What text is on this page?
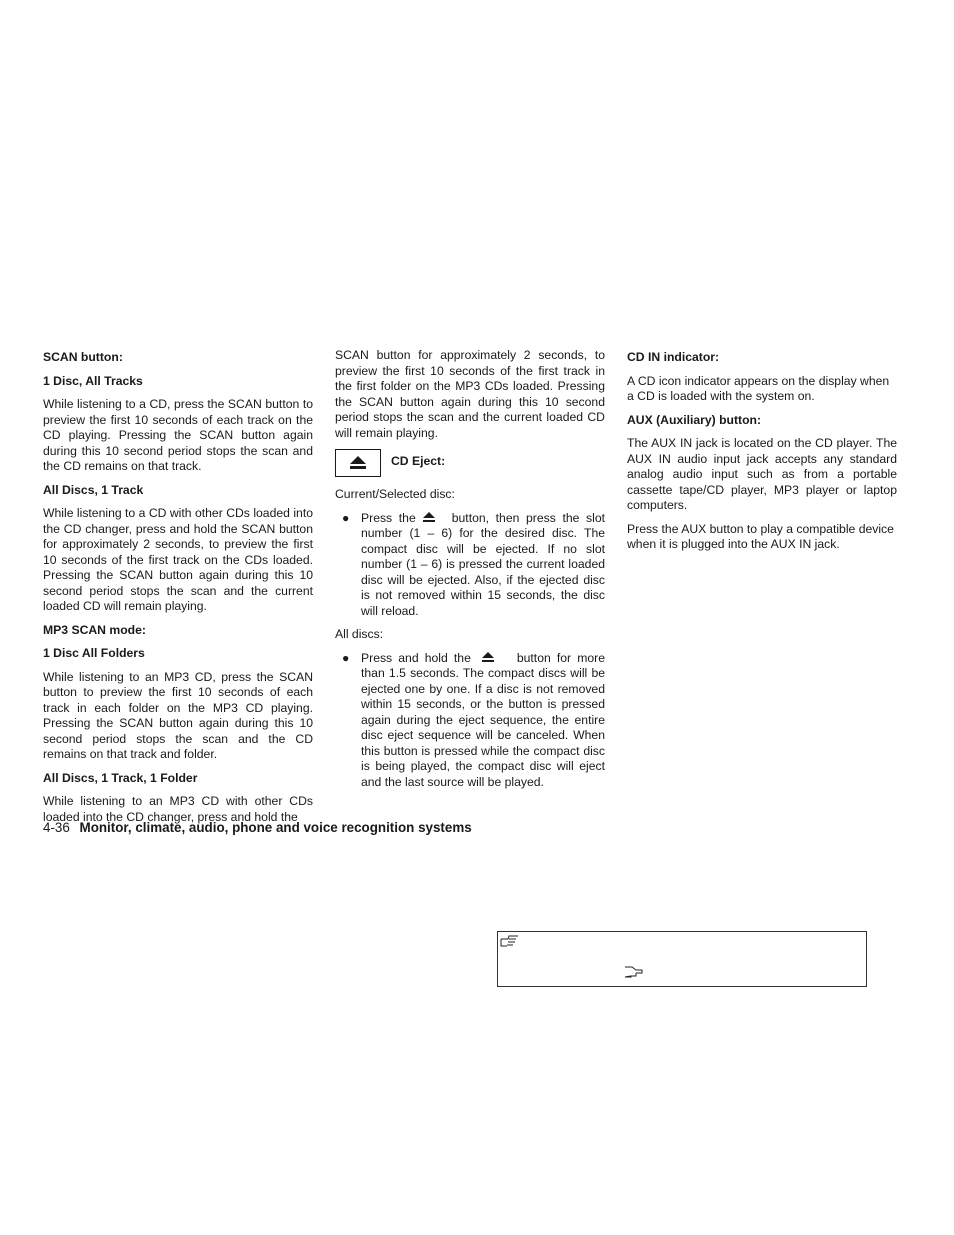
SCAN button:
1 Disc, All Tracks
While listening to a CD, press the SCAN button to preview the first 10 seconds of each track on the CD playing. Pressing the SCAN button again during this 10 second period stops the scan and the CD remains on that track.
All Discs, 1 Track
While listening to a CD with other CDs loaded into the CD changer, press and hold the SCAN button for approximately 2 seconds, to preview the first 10 seconds of the first track on the CDs loaded. Pressing the SCAN button again during this 10 second period stops the scan and the current loaded CD will remain playing.
MP3 SCAN mode:
1 Disc All Folders
While listening to an MP3 CD, press the SCAN button to preview the first 10 seconds of each track in each folder on the MP3 CD playing. Pressing the SCAN button again during this 10 second period stops the scan and the CD remains on that track and folder.
All Discs, 1 Track, 1 Folder
While listening to an MP3 CD with other CDs loaded into the CD changer, press and hold the
SCAN button for approximately 2 seconds, to preview the first 10 seconds of the first track in the first folder on the MP3 CDs loaded. Pressing the SCAN button again during this 10 second period stops the scan and the current loaded CD will remain playing.
CD Eject:
Current/Selected disc:
● Press the	button, then press the slot number (1 – 6) for the desired disc. The compact disc will be ejected. If no slot number (1 – 6) is pressed the current loaded disc will be ejected. Also, if the ejected disc is not removed within 15 seconds, the disc will reload.
All discs:
● Press and hold the	button for more than 1.5 seconds. The compact discs will be ejected one by one. If a disc is not removed within 15 seconds, or the button is pressed again during the eject sequence, the entire disc eject sequence will be canceled. When this button is pressed while the compact disc is being played, the compact disc will eject and the last source will be played.
CD IN indicator:
A CD icon indicator appears on the display when a CD is loaded with the system on.
AUX (Auxiliary) button:
The AUX IN jack is located on the CD player. The AUX IN audio input jack accepts any standard analog audio input such as from a portable cassette tape/CD player, MP3 player or laptop computers.
Press the AUX button to play a compatible device when it is plugged into the AUX IN jack.
4-36 Monitor, climate, audio, phone and voice recognition systems
